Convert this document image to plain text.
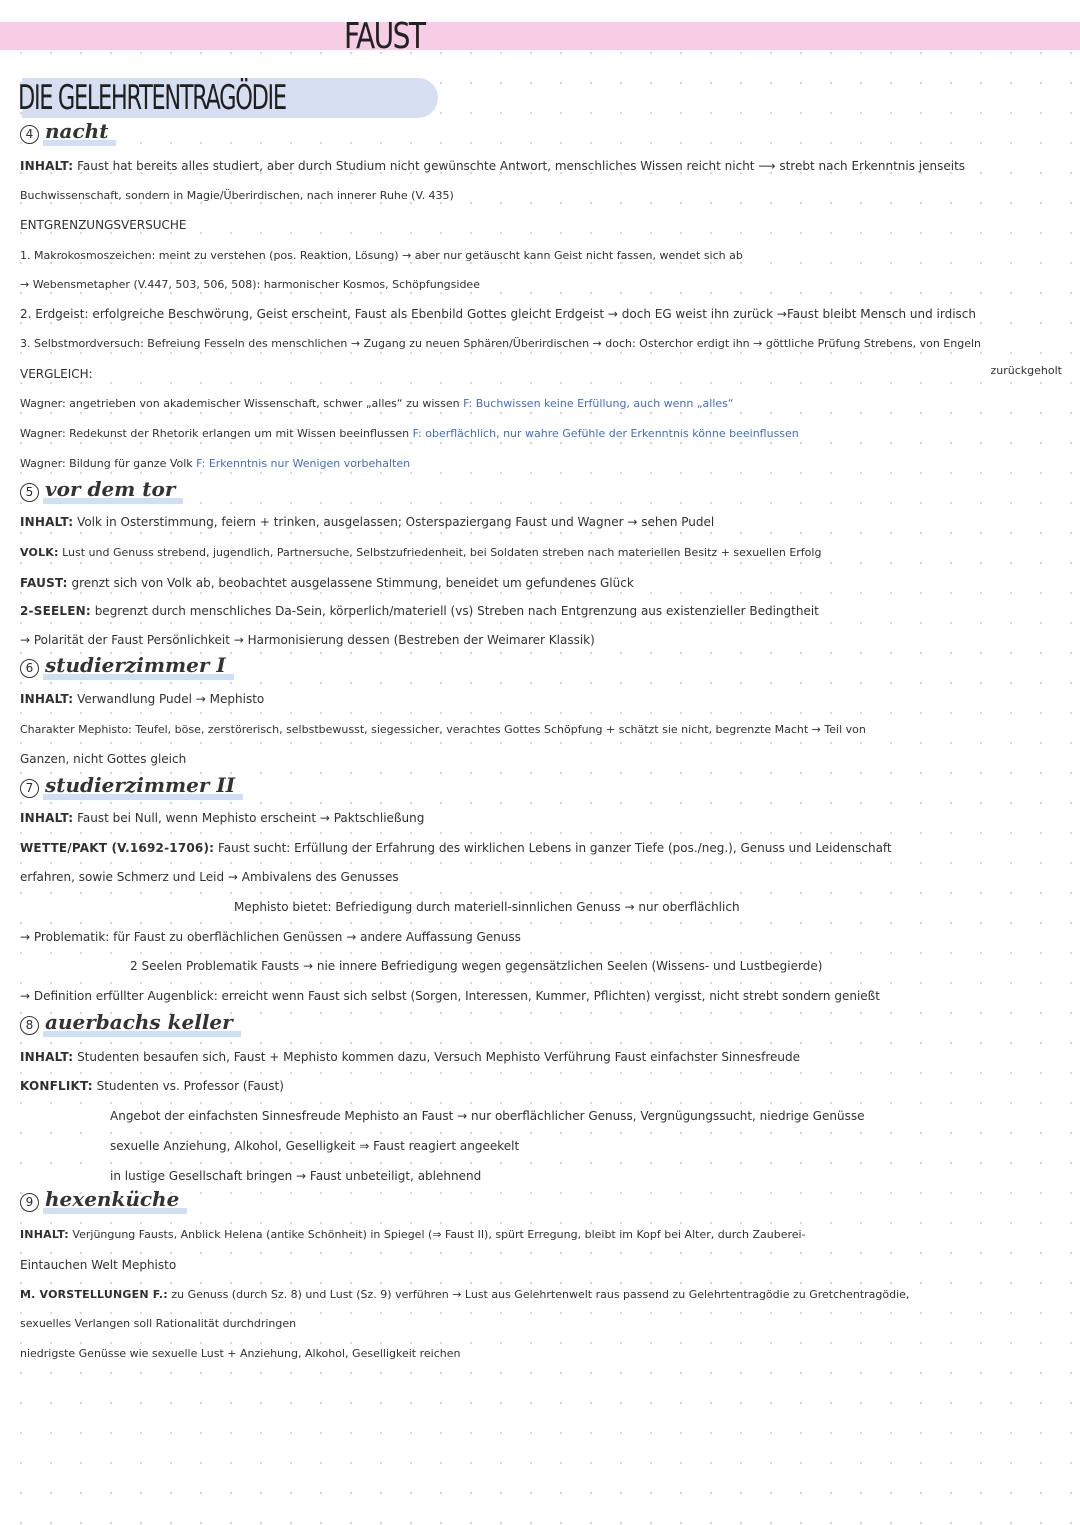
FAUST
DIE GELEHRTENTRAGÖDIE
4 nacht
INHALT: Faust hat bereits alles studiert, aber durch Studium nicht gewünschte Antwort, menschliches Wissen reicht nicht ⟶ strebt nach Erkenntnis jenseits
Buchwissenschaft, sondern in Magie/Überirdischen, nach innerer Ruhe (V. 435)
ENTGRENZUNGSVERSUCHE
1. Makrokosmoszeichen: meint zu verstehen (pos. Reaktion, Lösung) → aber nur getäuscht kann Geist nicht fassen, wendet sich ab
→ Webensmetapher (V.447, 503, 506, 508): harmonischer Kosmos, Schöpfungsidee
2. Erdgeist: erfolgreiche Beschwörung, Geist erscheint, Faust als Ebenbild Gottes gleicht Erdgeist → doch EG weist ihn zurück →Faust bleibt Mensch und irdisch
3. Selbstmordversuch: Befreiung Fesseln des menschlichen → Zugang zu neuen Sphären/Überirdischen → doch: Osterchor erdigt ihn → göttliche Prüfung Strebens, von Engeln
VERGLEICH:	zurückgeholt
Wagner: angetrieben von akademischer Wissenschaft, schwer „alles“ zu wissen F: Buchwissen keine Erfüllung, auch wenn „alles“
Wagner: Redekunst der Rhetorik erlangen um mit Wissen beeinflussen F: oberflächlich, nur wahre Gefühle der Erkenntnis könne beeinflussen
Wagner: Bildung für ganze Volk F: Erkenntnis nur Wenigen vorbehalten
5 vor dem tor
INHALT: Volk in Osterstimmung, feiern + trinken, ausgelassen; Osterspaziergang Faust und Wagner → sehen Pudel
VOLK: Lust und Genuss strebend, jugendlich, Partnersuche, Selbstzufriedenheit, bei Soldaten streben nach materiellen Besitz + sexuellen Erfolg
FAUST: grenzt sich von Volk ab, beobachtet ausgelassene Stimmung, beneidet um gefundenes Glück
2-SEELEN: begrenzt durch menschliches Da-Sein, körperlich/materiell (vs) Streben nach Entgrenzung aus existenzieller Bedingtheit
→ Polarität der Faust Persönlichkeit → Harmonisierung dessen (Bestreben der Weimarer Klassik)
6 studierzimmer I
INHALT: Verwandlung Pudel → Mephisto
Charakter Mephisto: Teufel, böse, zerstörerisch, selbstbewusst, siegessicher, verachtes Gottes Schöpfung + schätzt sie nicht, begrenzte Macht → Teil von
Ganzen, nicht Gottes gleich
7 studierzimmer II
INHALT: Faust bei Null, wenn Mephisto erscheint → Paktschließung
WETTE/PAKT (V.1692-1706): Faust sucht: Erfüllung der Erfahrung des wirklichen Lebens in ganzer Tiefe (pos./neg.), Genuss und Leidenschaft
erfahren, sowie Schmerz und Leid → Ambivalens des Genusses
Mephisto bietet: Befriedigung durch materiell-sinnlichen Genuss → nur oberflächlich
→ Problematik: für Faust zu oberflächlichen Genüssen → andere Auffassung Genuss
2 Seelen Problematik Fausts → nie innere Befriedigung wegen gegensätzlichen Seelen (Wissens- und Lustbegierde)
→ Definition erfüllter Augenblick: erreicht wenn Faust sich selbst (Sorgen, Interessen, Kummer, Pflichten) vergisst, nicht strebt sondern genießt
8 auerbachs keller
INHALT: Studenten besaufen sich, Faust + Mephisto kommen dazu, Versuch Mephisto Verführung Faust einfachster Sinnesfreude
KONFLIKT: Studenten vs. Professor (Faust)
Angebot der einfachsten Sinnesfreude Mephisto an Faust → nur oberflächlicher Genuss, Vergnügungssucht, niedrige Genüsse
sexuelle Anziehung, Alkohol, Geselligkeit ⇒ Faust reagiert angeekelt
in lustige Gesellschaft bringen → Faust unbeteiligt, ablehnend
9 hexenküche
INHALT: Verjüngung Fausts, Anblick Helena (antike Schönheit) in Spiegel (⇒ Faust II), spürt Erregung, bleibt im Kopf bei Alter, durch Zauberei-
Eintauchen Welt Mephisto
M. VORSTELLUNGEN F.: zu Genuss (durch Sz. 8) und Lust (Sz. 9) verführen → Lust aus Gelehrtenwelt raus passend zu Gelehrtentragödie zu Gretchentragödie,
sexuelles Verlangen soll Rationalität durchdringen
niedrigste Genüsse wie sexuelle Lust + Anziehung, Alkohol, Geselligkeit reichen
